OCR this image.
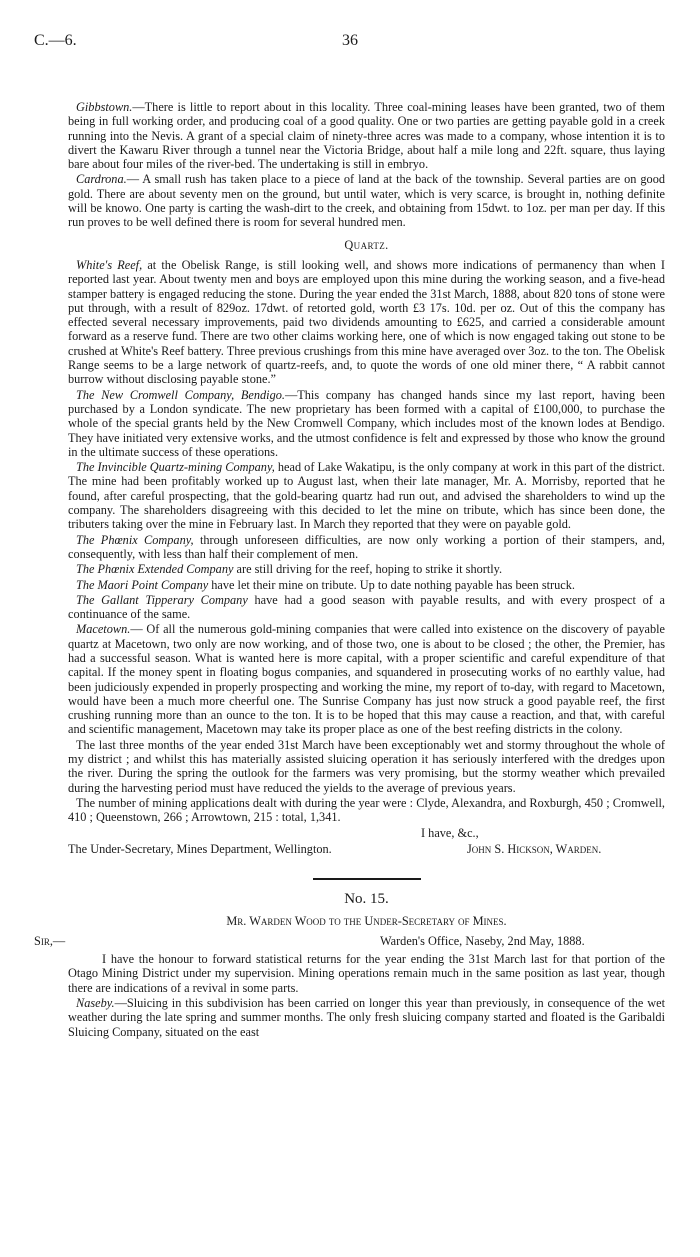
C.—6.	36

Gibbstown.—There is little to report about in this locality. Three coal-mining leases have been granted, two of them being in full working order, and producing coal of a good quality. One or two parties are getting payable gold in a creek running into the Nevis. A grant of a special claim of ninety-three acres was made to a company, whose intention it is to divert the Kawaru River through a tunnel near the Victoria Bridge, about half a mile long and 22ft. square, thus laying bare about four miles of the river-bed. The undertaking is still in embryo.

Cardrona.— A small rush has taken place to a piece of land at the back of the township. Several parties are on good gold. There are about seventy men on the ground, but until water, which is very scarce, is brought in, nothing definite will be knowo. One party is carting the wash-dirt to the creek, and obtaining from 15dwt. to 1oz. per man per day. If this run proves to be well defined there is room for several hundred men.

Quartz.

White's Reef, at the Obelisk Range, is still looking well, and shows more indications of permanency than when I reported last year. About twenty men and boys are employed upon this mine during the working season, and a five-head stamper battery is engaged reducing the stone. During the year ended the 31st March, 1888, about 820 tons of stone were put through, with a result of 829oz. 17dwt. of retorted gold, worth £3 17s. 10d. per oz. Out of this the company has effected several necessary improvements, paid two dividends amounting to £625, and carried a considerable amount forward as a reserve fund. There are two other claims working here, one of which is now engaged taking out stone to be crushed at White's Reef battery. Three previous crushings from this mine have averaged over 3oz. to the ton. The Obelisk Range seems to be a large network of quartz-reefs, and, to quote the words of one old miner there, “ A rabbit cannot burrow without disclosing payable stone.”

The New Cromwell Company, Bendigo.—This company has changed hands since my last report, having been purchased by a London syndicate. The new proprietary has been formed with a capital of £100,000, to purchase the whole of the special grants held by the New Cromwell Company, which includes most of the known lodes at Bendigo. They have initiated very extensive works, and the utmost confidence is felt and expressed by those who know the ground in the ultimate success of these operations.

The Invincible Quartz-mining Company, head of Lake Wakatipu, is the only company at work in this part of the district. The mine had been profitably worked up to August last, when their late manager, Mr. A. Morrisby, reported that he found, after careful prospecting, that the gold-bearing quartz had run out, and advised the shareholders to wind up the company. The shareholders disagreeing with this decided to let the mine on tribute, which has since been done, the tributers taking over the mine in February last. In March they reported that they were on payable gold.

The Phœnix Company, through unforeseen difficulties, are now only working a portion of their stampers, and, consequently, with less than half their complement of men.

The Phœnix Extended Company are still driving for the reef, hoping to strike it shortly.

The Maori Point Company have let their mine on tribute. Up to date nothing payable has been struck.

The Gallant Tipperary Company have had a good season with payable results, and with every prospect of a continuance of the same.

Macetown.— Of all the numerous gold-mining companies that were called into existence on the discovery of payable quartz at Macetown, two only are now working, and of those two, one is about to be closed ; the other, the Premier, has had a successful season. What is wanted here is more capital, with a proper scientific and careful expenditure of that capital. If the money spent in floating bogus companies, and squandered in prosecuting works of no earthly value, had been judiciously expended in properly prospecting and working the mine, my report of to-day, with regard to Macetown, would have been a much more cheerful one. The Sunrise Company has just now struck a good payable reef, the first crushing running more than an ounce to the ton. It is to be hoped that this may cause a reaction, and that, with careful and scientific management, Macetown may take its proper place as one of the best reefing districts in the colony.

The last three months of the year ended 31st March have been exceptionably wet and stormy throughout the whole of my district ; and whilst this has materially assisted sluicing operation it has seriously interfered with the dredges upon the river. During the spring the outlook for the farmers was very promising, but the stormy weather which prevailed during the harvesting period must have reduced the yields to the average of previous years.

The number of mining applications dealt with during the year were : Clyde, Alexandra, and Roxburgh, 450 ; Cromwell, 410 ; Queenstown, 266 ; Arrowtown, 215 : total, 1,341.

I have, &c.,
The Under-Secretary, Mines Department, Wellington.	John S. Hickson, Warden.
No. 15.
Mr. Warden Wood to the Under-Secretary of Mines.
Sir,—	Warden's Office, Naseby, 2nd May, 1888.

I have the honour to forward statistical returns for the year ending the 31st March last for that portion of the Otago Mining District under my supervision. Mining operations remain much in the same position as last year, though there are indications of a revival in some parts.

Naseby.—Sluicing in this subdivision has been carried on longer this year than previously, in consequence of the wet weather during the late spring and summer months. The only fresh sluicing company started and floated is the Garibaldi Sluicing Company, situated on the east
